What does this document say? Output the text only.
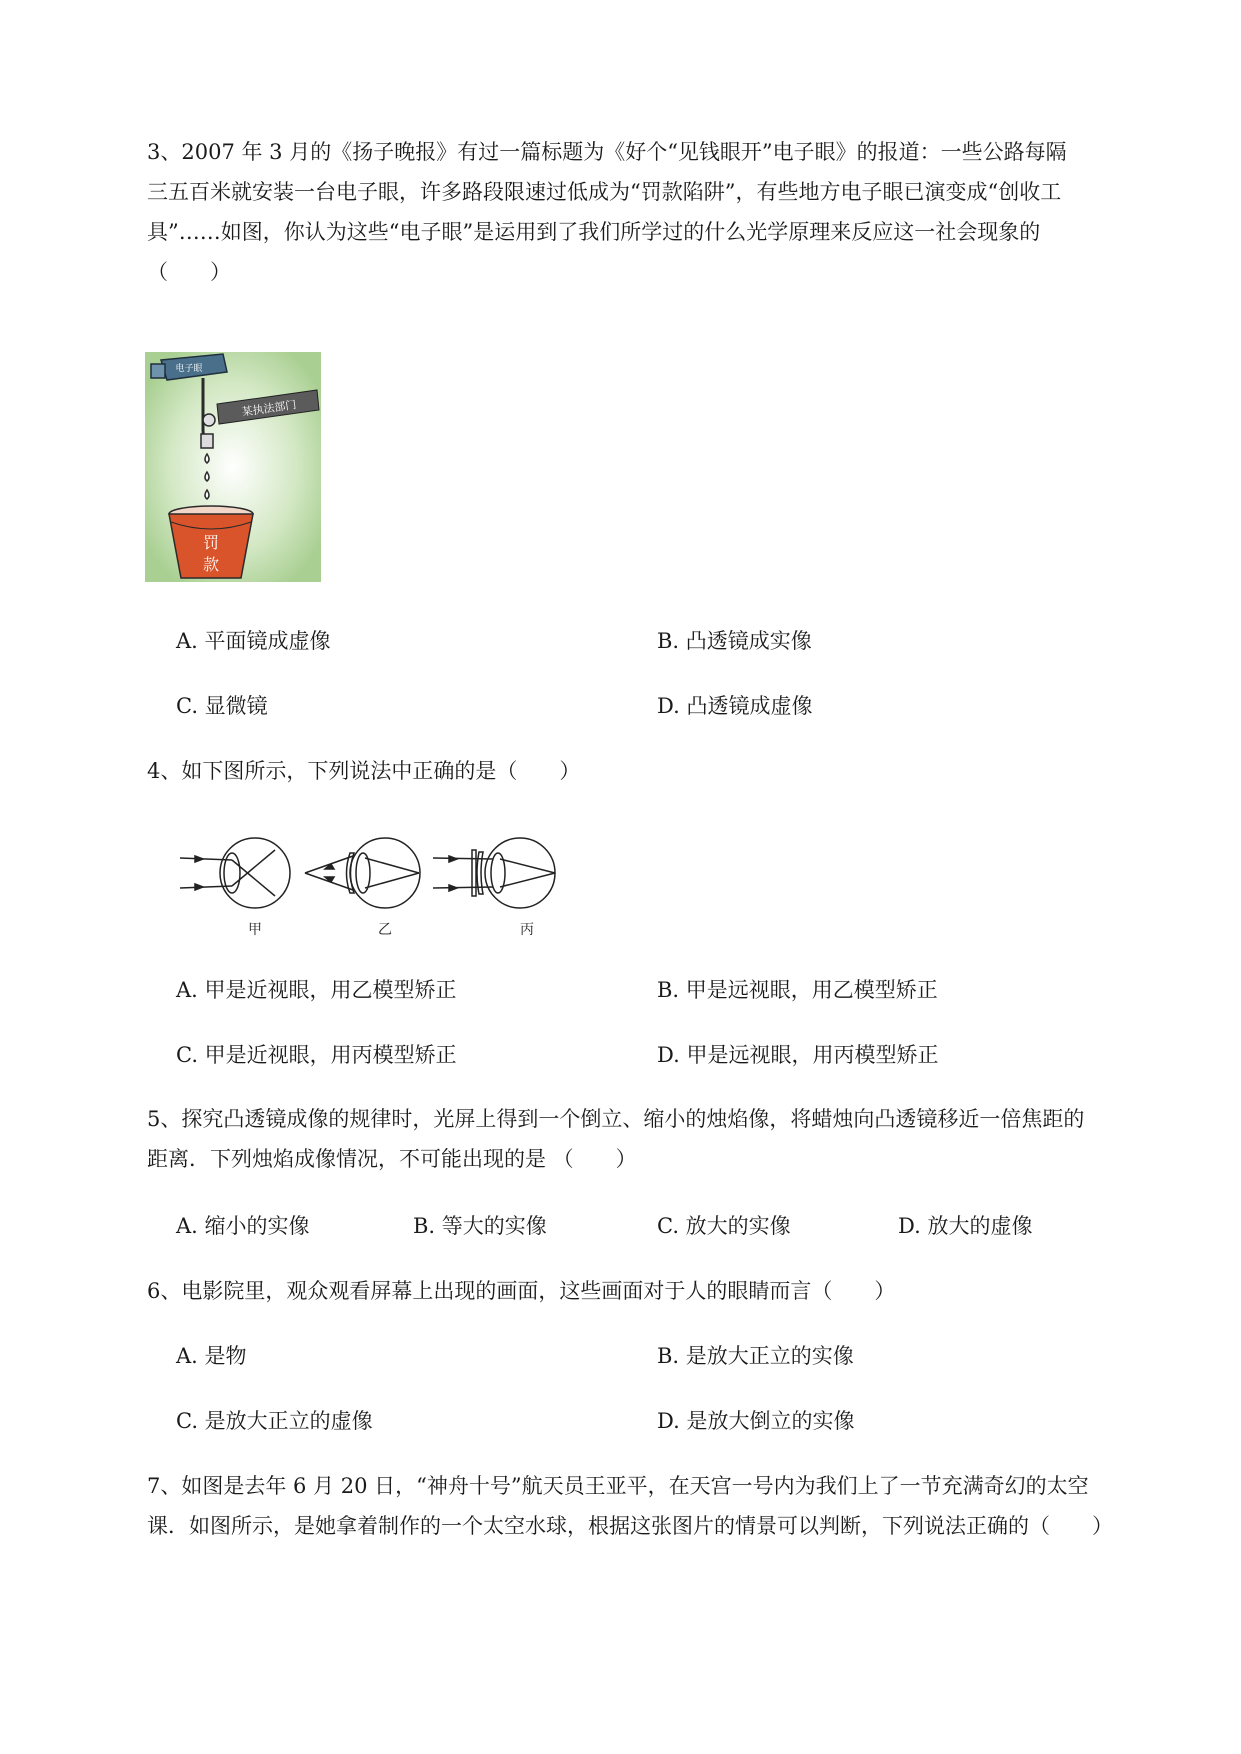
3、2007 年 3 月的《扬子晚报》有过一篇标题为《好个“见钱眼开”电子眼》的报道：一些公路每隔
三五百米就安装一台电子眼，许多路段限速过低成为“罚款陷阱”，有些地方电子眼已演变成“创收工
具”……如图，你认为这些“电子眼”是运用到了我们所学过的什么光学原理来反应这一社会现象的
（　　）
电子眼
某执法部门
罚
款
A. 平面镜成虚像	B. 凸透镜成实像
C. 显微镜	D. 凸透镜成虚像
4、如下图所示，下列说法中正确的是（　　）
甲	乙	丙
A. 甲是近视眼，用乙模型矫正	B. 甲是远视眼，用乙模型矫正
C. 甲是近视眼，用丙模型矫正	D. 甲是远视眼，用丙模型矫正
5、探究凸透镜成像的规律时，光屏上得到一个倒立、缩小的烛焰像，将蜡烛向凸透镜移近一倍焦距的
距离．下列烛焰成像情况，不可能出现的是 （　　）
A. 缩小的实像	B. 等大的实像	C. 放大的实像	D. 放大的虚像
6、电影院里，观众观看屏幕上出现的画面，这些画面对于人的眼睛而言（　　）
A. 是物	B. 是放大正立的实像
C. 是放大正立的虚像	D. 是放大倒立的实像
7、如图是去年 6 月 20 日，“神舟十号”航天员王亚平，在天宫一号内为我们上了一节充满奇幻的太空
课．如图所示，是她拿着制作的一个太空水球，根据这张图片的情景可以判断，下列说法正确的（　　）
